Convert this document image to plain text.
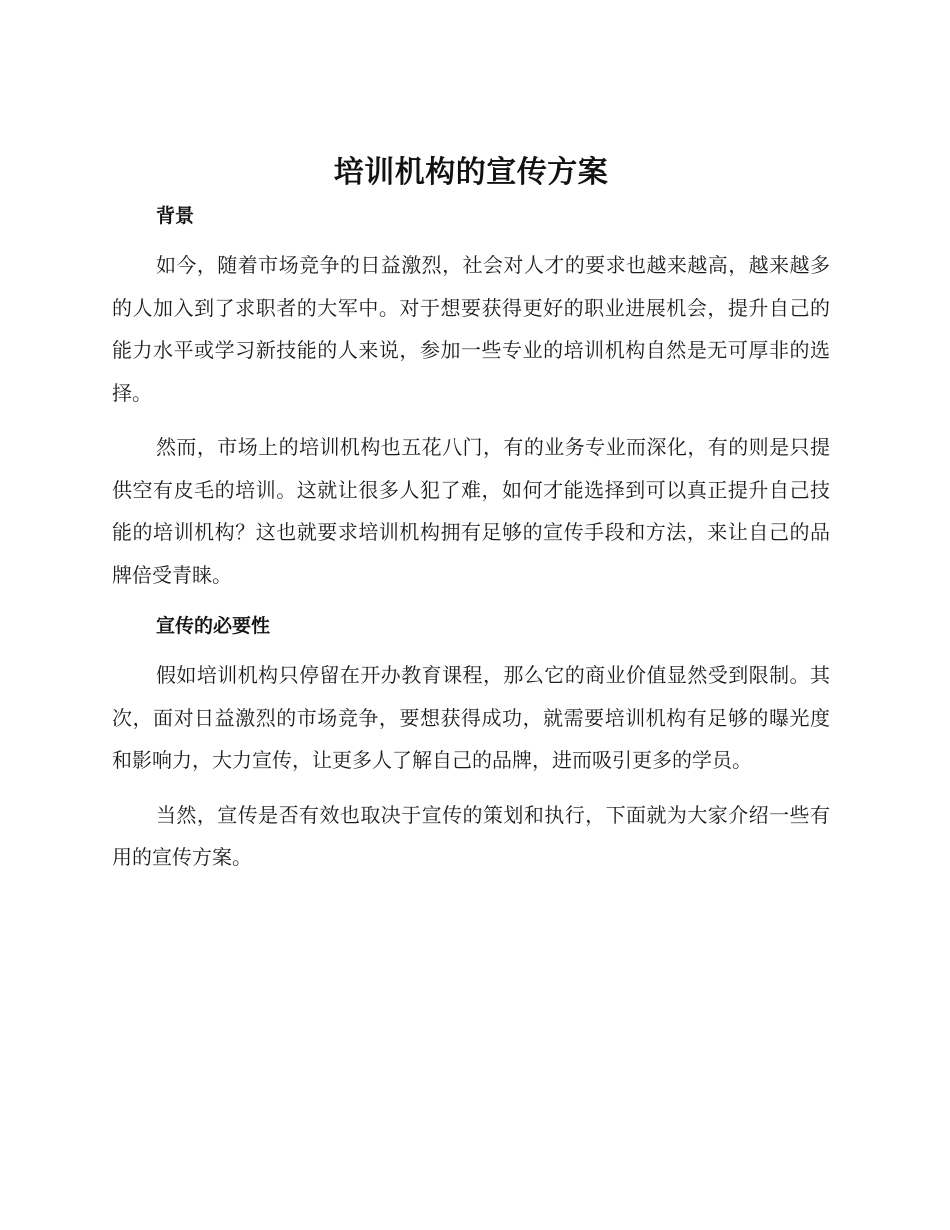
培训机构的宣传方案
背景

如今，随着市场竞争的日益激烈，社会对人才的要求也越来越高，越来越多的人加入到了求职者的大军中。对于想要获得更好的职业进展机会，提升自己的能力水平或学习新技能的人来说，参加一些专业的培训机构自然是无可厚非的选择。

然而，市场上的培训机构也五花八门，有的业务专业而深化，有的则是只提供空有皮毛的培训。这就让很多人犯了难，如何才能选择到可以真正提升自己技能的培训机构？这也就要求培训机构拥有足够的宣传手段和方法，来让自己的品牌倍受青睐。

宣传的必要性

假如培训机构只停留在开办教育课程，那么它的商业价值显然受到限制。其次，面对日益激烈的市场竞争，要想获得成功，就需要培训机构有足够的曝光度和影响力，大力宣传，让更多人了解自己的品牌，进而吸引更多的学员。

当然，宣传是否有效也取决于宣传的策划和执行，下面就为大家介绍一些有用的宣传方案。
